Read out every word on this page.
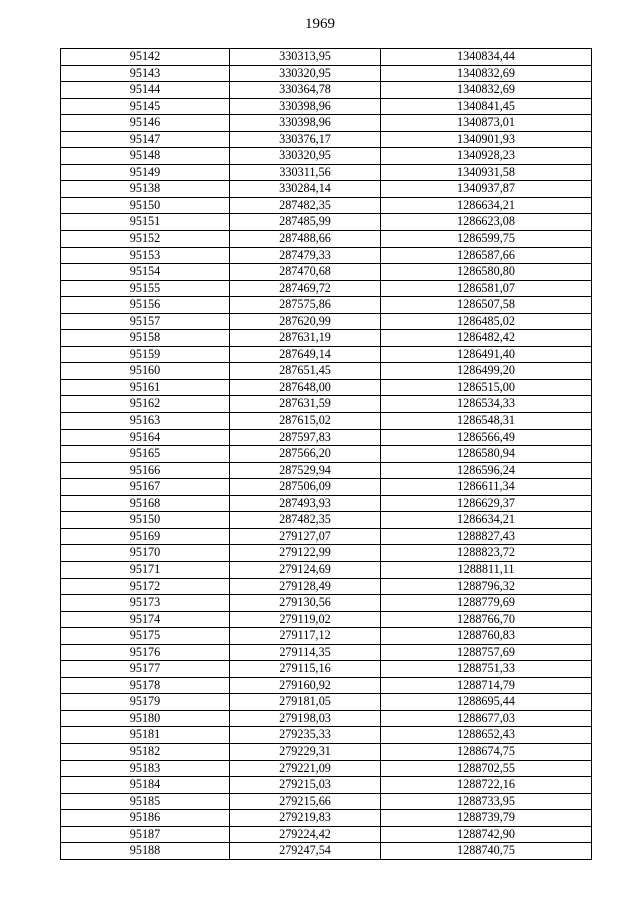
1969
95142	330313,95	1340834,44
95143	330320,95	1340832,69
95144	330364,78	1340832,69
95145	330398,96	1340841,45
95146	330398,96	1340873,01
95147	330376,17	1340901,93
95148	330320,95	1340928,23
95149	330311,56	1340931,58
95138	330284,14	1340937,87
95150	287482,35	1286634,21
95151	287485,99	1286623,08
95152	287488,66	1286599,75
95153	287479,33	1286587,66
95154	287470,68	1286580,80
95155	287469,72	1286581,07
95156	287575,86	1286507,58
95157	287620,99	1286485,02
95158	287631,19	1286482,42
95159	287649,14	1286491,40
95160	287651,45	1286499,20
95161	287648,00	1286515,00
95162	287631,59	1286534,33
95163	287615,02	1286548,31
95164	287597,83	1286566,49
95165	287566,20	1286580,94
95166	287529,94	1286596,24
95167	287506,09	1286611,34
95168	287493,93	1286629,37
95150	287482,35	1286634,21
95169	279127,07	1288827,43
95170	279122,99	1288823,72
95171	279124,69	1288811,11
95172	279128,49	1288796,32
95173	279130,56	1288779,69
95174	279119,02	1288766,70
95175	279117,12	1288760,83
95176	279114,35	1288757,69
95177	279115,16	1288751,33
95178	279160,92	1288714,79
95179	279181,05	1288695,44
95180	279198,03	1288677,03
95181	279235,33	1288652,43
95182	279229,31	1288674,75
95183	279221,09	1288702,55
95184	279215,03	1288722,16
95185	279215,66	1288733,95
95186	279219,83	1288739,79
95187	279224,42	1288742,90
95188	279247,54	1288740,75
